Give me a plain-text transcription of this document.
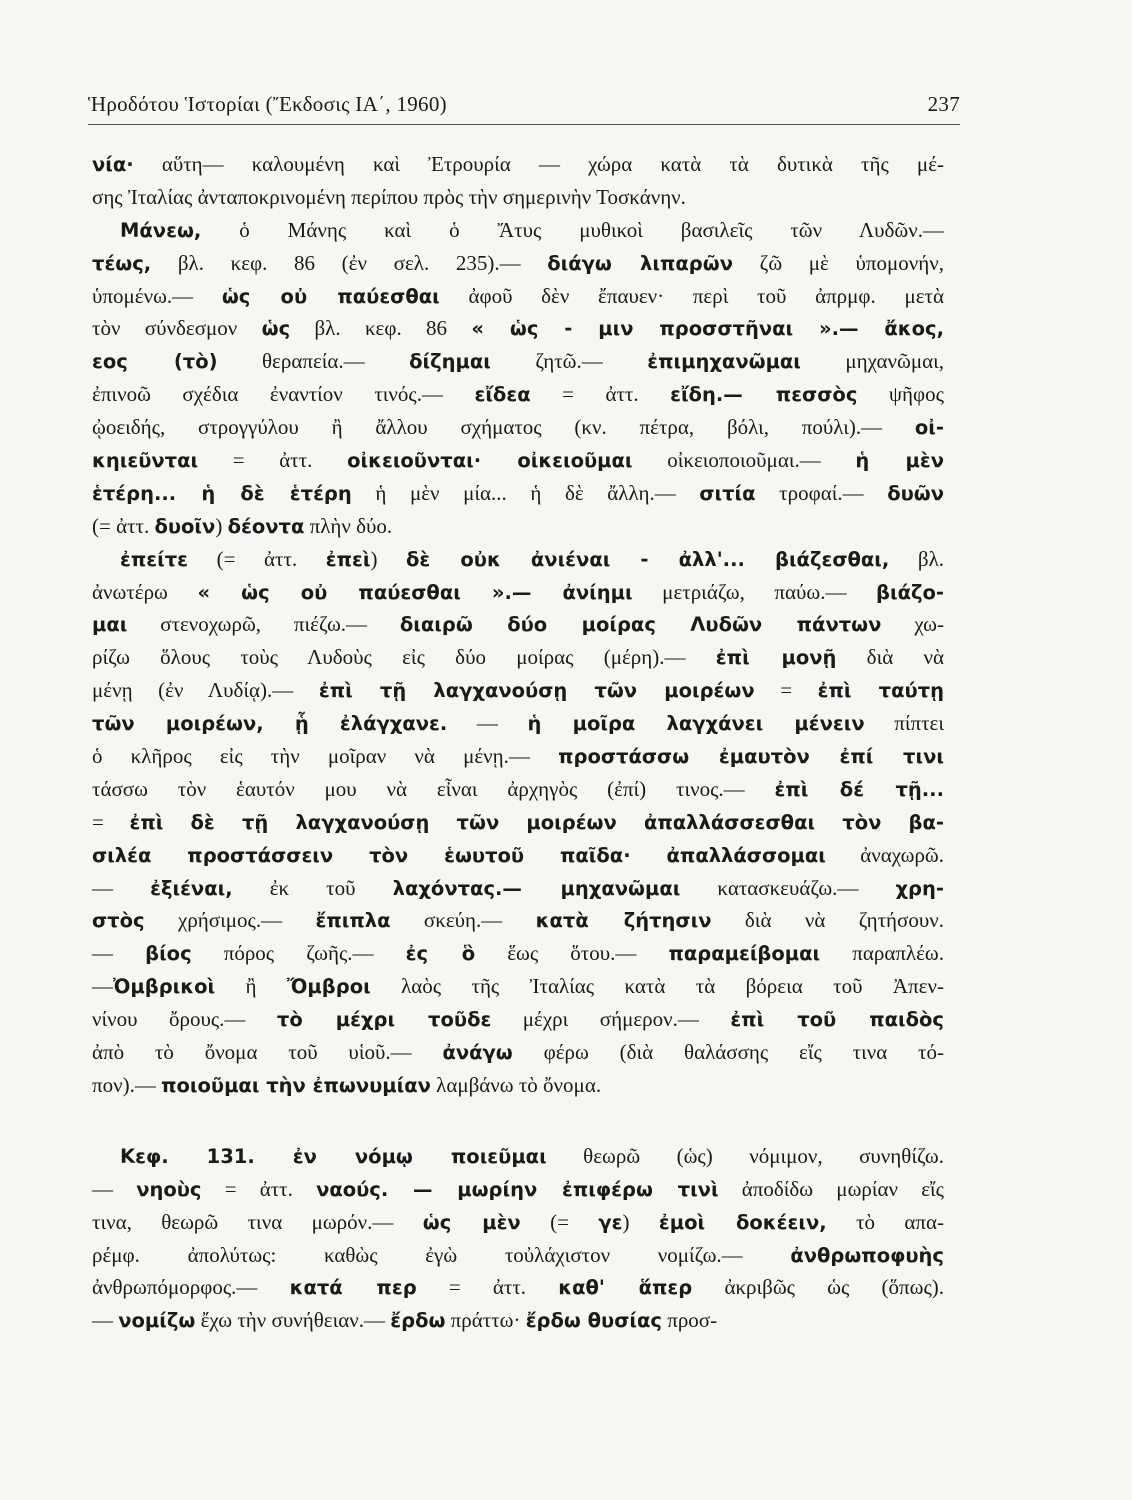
Ἡροδότου Ἱστορίαι (Ἔκδοσις ΙΑ΄, 1960)	237
νία· αὕτη— καλουμένη καὶ Ἐτρουρία — χώρα κατὰ τὰ δυτικὰ τῆς μέ-
σης Ἰταλίας ἀνταποκρινομένη περίπου πρὸς τὴν σημερινὴν Τοσκάνην.
Μάνεω, ὁ Μάνης καὶ ὁ Ἄτυς μυθικοὶ βασιλεῖς τῶν Λυδῶν.—
τέως, βλ. κεφ. 86 (ἐν σελ. 235).— διάγω λιπαρῶν ζῶ μὲ ὑπομονήν,
ὑπομένω.— ὡς οὐ παύεσθαι ἀφοῦ δὲν ἔπαυεν· περὶ τοῦ ἀπρμφ. μετὰ
τὸν σύνδεσμον ὡς βλ. κεφ. 86 « ὡς - μιν προσστῆναι ».— ἄκος,
εος (τὸ) θεραπεία.— δίζημαι ζητῶ.— ἐπιμηχανῶμαι μηχανῶμαι,
ἐπινοῶ σχέδια ἐναντίον τινός.— εἴδεα = ἀττ. εἴδη.— πεσσὸς ψῆφος
ᾠοειδής, στρογγύλου ἢ ἄλλου σχήματος (κν. πέτρα, βόλι, πούλι).— οἰ-
κηιεῦνται = ἀττ. οἰκειοῦνται· οἰκειοῦμαι οἰκειοποιοῦμαι.— ἡ μὲν
ἑτέρη... ἡ δὲ ἑτέρη ἡ μὲν μία... ἡ δὲ ἄλλη.— σιτία τροφαί.— δυῶν
(= ἀττ. δυοῖν) δέοντα πλὴν δύο.
ἐπείτε (= ἀττ. ἐπεὶ) δὲ οὐκ ἀνιέναι - ἀλλ'... βιάζεσθαι, βλ.
ἀνωτέρω « ὡς οὐ παύεσθαι ».— ἀνίημι μετριάζω, παύω.— βιάζο-
μαι στενοχωρῶ, πιέζω.— διαιρῶ δύο μοίρας Λυδῶν πάντων χω-
ρίζω ὅλους τοὺς Λυδοὺς εἰς δύο μοίρας (μέρη).— ἐπὶ μονῇ διὰ νὰ
μένῃ (ἐν Λυδίᾳ).— ἐπὶ τῇ λαγχανούσῃ τῶν μοιρέων = ἐπὶ ταύτῃ
τῶν μοιρέων, ᾗ ἐλάγχανε. — ἡ μοῖρα λαγχάνει μένειν πίπτει
ὁ κλῆρος εἰς τὴν μοῖραν νὰ μένῃ.— προστάσσω ἐμαυτὸν ἐπί τινι
τάσσω τὸν ἑαυτόν μου νὰ εἶναι ἀρχηγὸς (ἐπί) τινος.— ἐπὶ δέ τῇ...
= ἐπὶ δὲ τῇ λαγχανούσῃ τῶν μοιρέων ἀπαλλάσσεσθαι τὸν βα-
σιλέα προστάσσειν τὸν ἑωυτοῦ παῖδα· ἀπαλλάσσομαι ἀναχωρῶ.
— ἐξιέναι, ἐκ τοῦ λαχόντας.— μηχανῶμαι κατασκευάζω.— χρη-
στὸς χρήσιμος.— ἔπιπλα σκεύη.— κατὰ ζήτησιν διὰ νὰ ζητήσουν.
— βίος πόρος ζωῆς.— ἐς ὃ ἕως ὅτου.— παραμείβομαι παραπλέω.
—Ὀμβρικοὶ ἢ Ὄμβροι λαὸς τῆς Ἰταλίας κατὰ τὰ βόρεια τοῦ Ἀπεν-
νίνου ὄρους.— τὸ μέχρι τοῦδε μέχρι σήμερον.— ἐπὶ τοῦ παιδὸς
ἀπὸ τὸ ὄνομα τοῦ υἱοῦ.— ἀνάγω φέρω (διὰ θαλάσσης εἴς τινα τό-
πον).— ποιοῦμαι τὴν ἐπωνυμίαν λαμβάνω τὸ ὄνομα.
Κεφ. 131. ἐν νόμῳ ποιεῦμαι θεωρῶ (ὡς) νόμιμον, συνηθίζω.
— νηοὺς = ἀττ. ναούς. — μωρίην ἐπιφέρω τινὶ ἀποδίδω μωρίαν εἴς
τινα, θεωρῶ τινα μωρόν.— ὡς μὲν (= γε) ἐμοὶ δοκέειν, τὸ απα-
ρέμφ. ἀπολύτως: καθὼς ἐγὼ τοὐλάχιστον νομίζω.— ἀνθρωποφυὴς
ἀνθρωπόμορφος.— κατά περ = ἀττ. καθ' ἅπερ ἀκριβῶς ὡς (ὅπως).
— νομίζω ἔχω τὴν συνήθειαν.— ἔρδω πράττω· ἔρδω θυσίας προσ-
